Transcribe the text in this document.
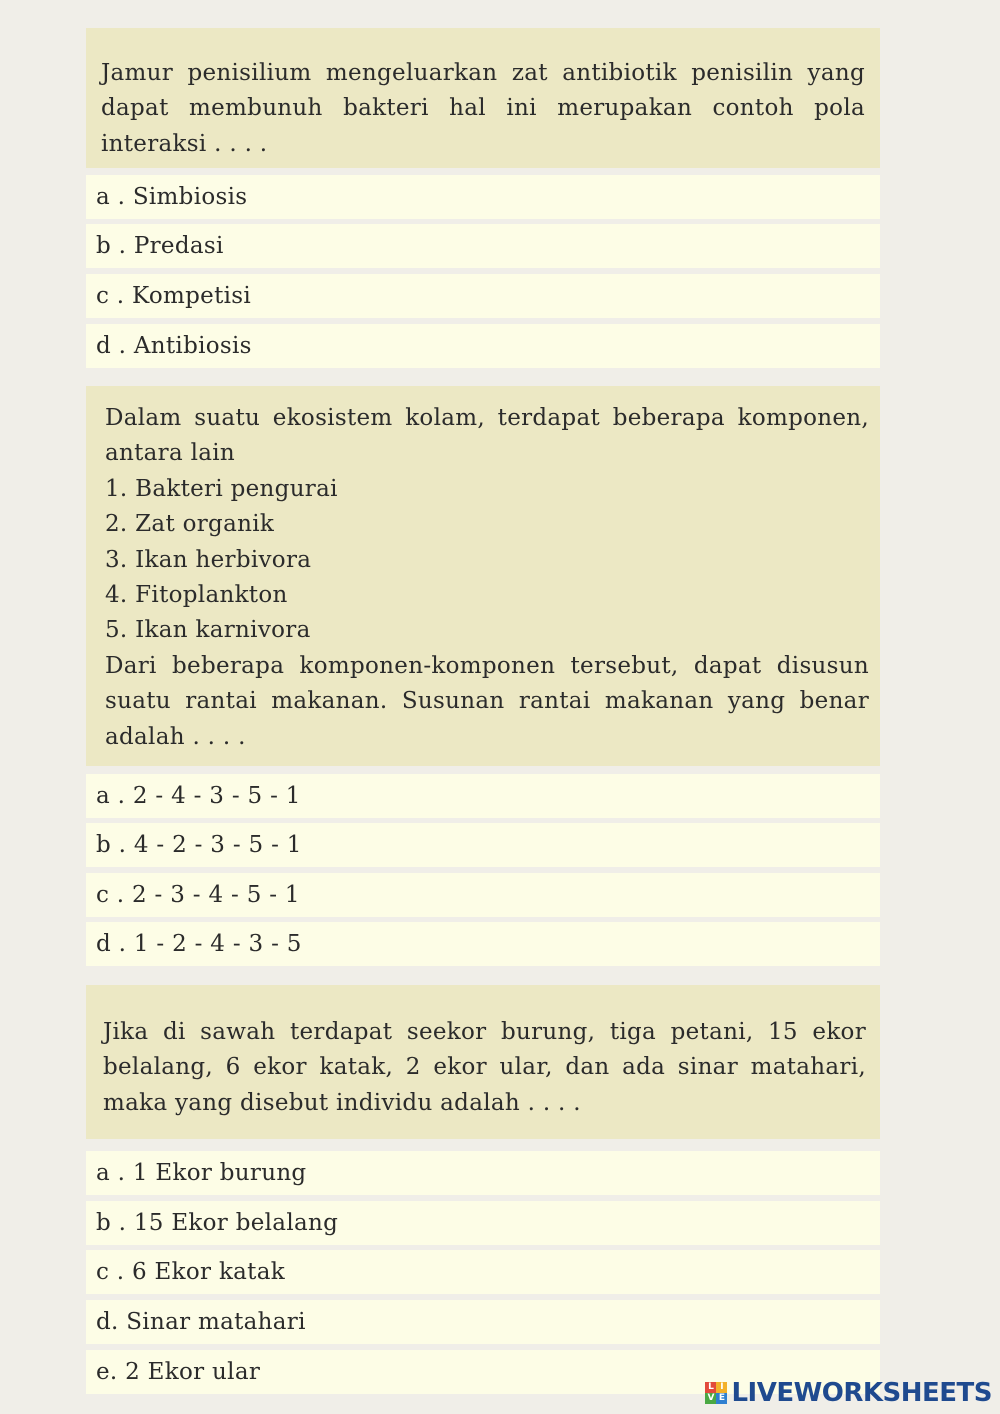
Jamur penisilium mengeluarkan zat antibiotik penisilin yang dapat membunuh bakteri hal ini merupakan contoh pola interaksi . . . .

a . Simbiosis
b . Predasi
c . Kompetisi
d . Antibiosis

Dalam suatu ekosistem kolam, terdapat beberapa komponen, antara lain

1. Bakteri pengurai

2. Zat organik

3. Ikan herbivora

4. Fitoplankton

5. Ikan karnivora

Dari beberapa komponen-komponen tersebut, dapat disusun suatu rantai makanan. Susunan rantai makanan yang benar adalah . . . .

a . 2 - 4 - 3 - 5 - 1
b . 4 - 2 - 3 - 5 - 1
c . 2 - 3 - 4 - 5 - 1
d . 1 - 2 - 4 - 3 - 5

Jika di sawah terdapat seekor burung, tiga petani, 15 ekor belalang, 6 ekor katak, 2 ekor ular, dan ada sinar matahari, maka yang disebut individu adalah . . . .

a . 1 Ekor burung
b . 15 Ekor belalang
c . 6 Ekor katak
d. Sinar matahari
e. 2 Ekor ular
L I
V E LIVEWORKSHEETS
